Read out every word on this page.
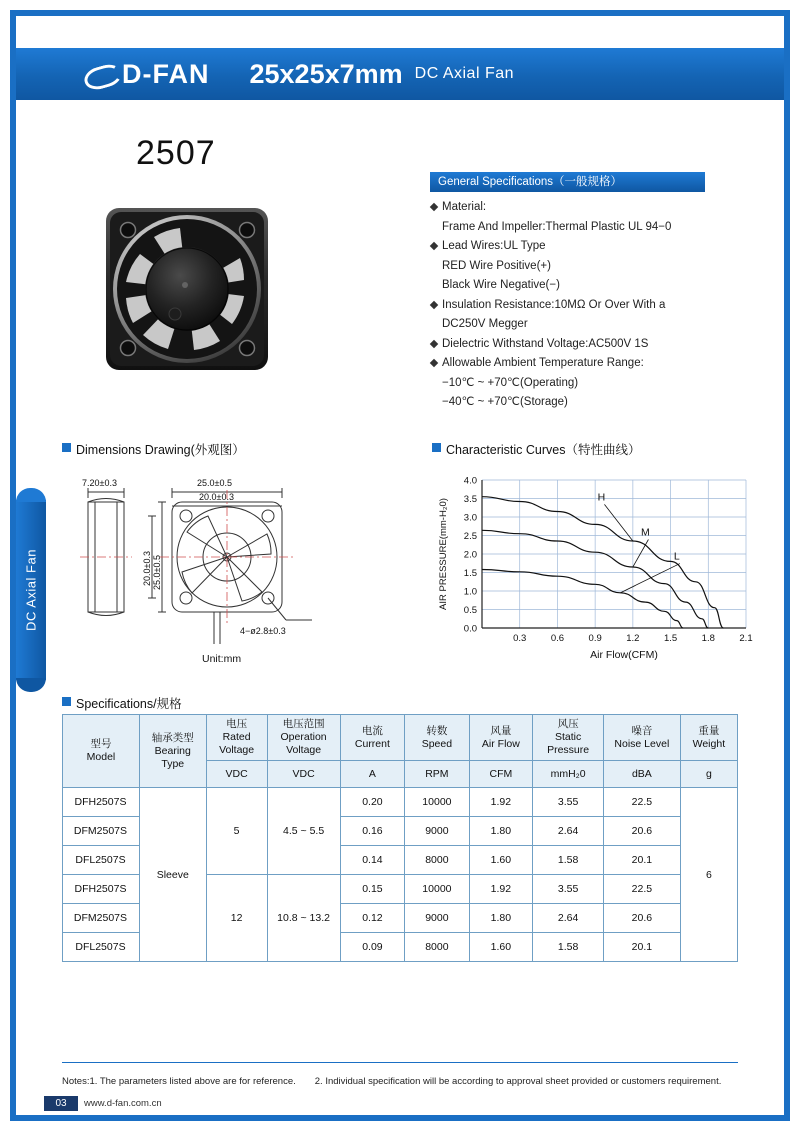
D-FAN 25x25x7mm DC Axial Fan
DC Axial Fan
2507
General Specifications（一般规格）
Material:
Frame And Impeller:Thermal Plastic UL 94−0
Lead Wires:UL Type
RED Wire Positive(+)
Black Wire Negative(−)
Insulation Resistance:10MΩ Or Over With a
DC250V Megger
Dielectric Withstand Voltage:AC500V 1S
Allowable Ambient Temperature Range:
−10℃ ~ +70℃(Operating)
−40℃ ~ +70℃(Storage)
Dimensions Drawing(外观图）	Characteristic Curves（特性曲线）
Specifications/规格
7.20±0.3	25.0±0.5
20.0±0.3
25.0±0.5
20.0±0.3
4−ø2.8±0.3
Unit:mm
0.3	0.6	0.9	1.2	1.5	1.8	2.1
0.0
0.5
1.0
1.5
2.0
2.5
3.0
3.5
4.0
H
M
L
Air Flow(CFM)
AIR PRESSURE(mm-H₂0)
型号
Model

轴承类型
Bearing
Type

电压
Rated
Voltage

电压范围
Operation
Voltage

电流
Current

转数
Speed

风量
Air Flow

风压
Static
Pressure

噪音
Noise Level

重量
Weight

		VDC	VDC	A	RPM	CFM	mmH₂0	dBA	g
DFH2507S	Sleeve	5	4.5 ~ 5.5	0.20	10000	1.92	3.55	22.5	6
DFM2507S				0.16	9000	1.80	2.64	20.6	
DFL2507S				0.14	8000	1.60	1.58	20.1	
DFH2507S		12	10.8 ~ 13.2	0.15	10000	1.92	3.55	22.5	
DFM2507S				0.12	9000	1.80	2.64	20.6	
DFL2507S				0.09	8000	1.60	1.58	20.1	
Notes:1. The parameters listed above are for reference.　　2. Individual specification will be according to approval sheet provided or customers requirement.
03	www.d-fan.com.cn
